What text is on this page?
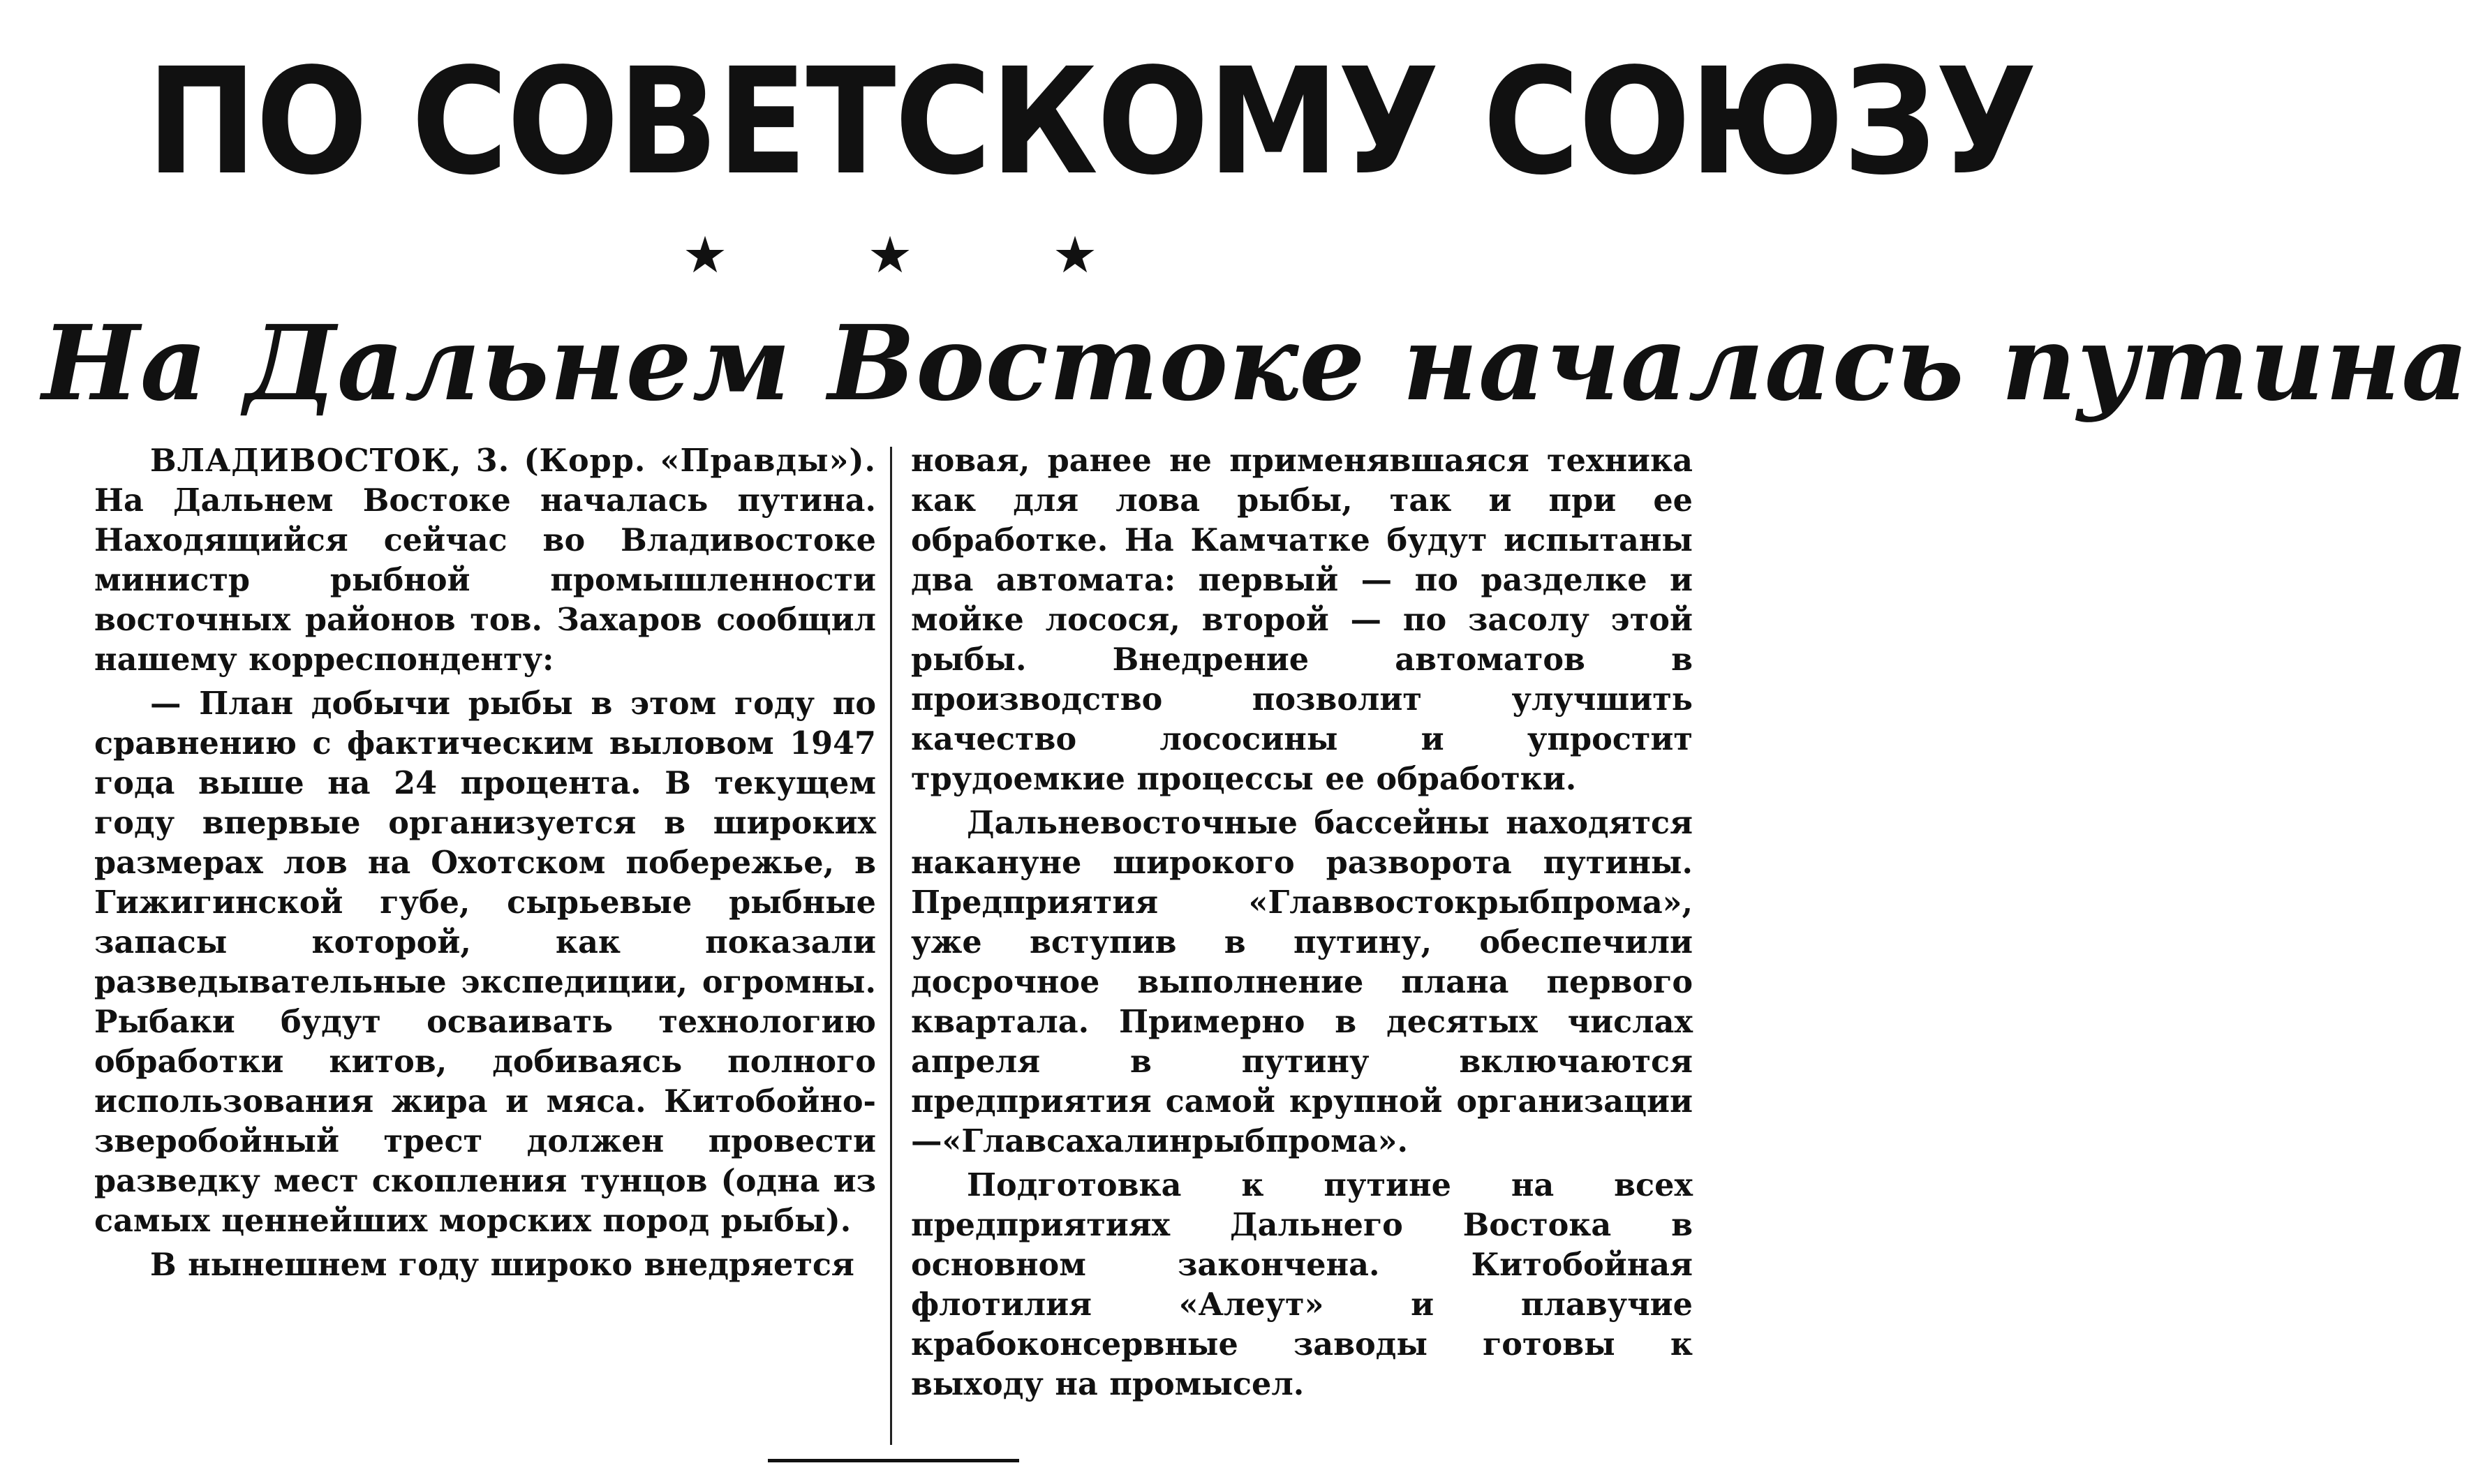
ПО СОВЕТСКОМУ СОЮЗУ
★	★	★
На Дальнем Востоке началась путина

ВЛАДИВОСТОК, 3. (Корр. «Правды»). На Дальнем Востоке началась путина. Находящийся сейчас во Владивостоке министр рыбной промышленности восточных районов тов. Захаров сообщил нашему корреспонденту:

— План добычи рыбы в этом году по сравнению с фактическим выловом 1947 года выше на 24 процента. В текущем году впервые организуется в широких размерах лов на Охотском побережье, в Гижигинской губе, сырьевые рыбные запасы которой, как показали разведывательные экспедиции, огромны. Рыбаки будут осваивать технологию обработки китов, добиваясь полного использования жира и мяса. Китобойно-зверобойный трест должен провести разведку мест скопления тунцов (одна из самых ценнейших морских пород рыбы).

В нынешнем году широко внедряется

новая, ранее не применявшаяся техника как для лова рыбы, так и при ее обработке. На Камчатке будут испытаны два автомата: первый — по разделке и мойке лосося, второй — по засолу этой рыбы. Внедрение автоматов в производство позволит улучшить качество лососины и упростит трудоемкие процессы ее обработки.

Дальневосточные бассейны находятся накануне широкого разворота путины. Предприятия «Главвостокрыбпрома», уже вступив в путину, обеспечили досрочное выполнение плана первого квартала. Примерно в десятых числах апреля в путину включаются предприятия самой крупной организации—«Главсахалинрыбпрома».

Подготовка к путине на всех предприятиях Дальнего Востока в основном закончена. Китобойная флотилия «Алеут» и плавучие крабоконсервные заводы готовы к выходу на промысел.
